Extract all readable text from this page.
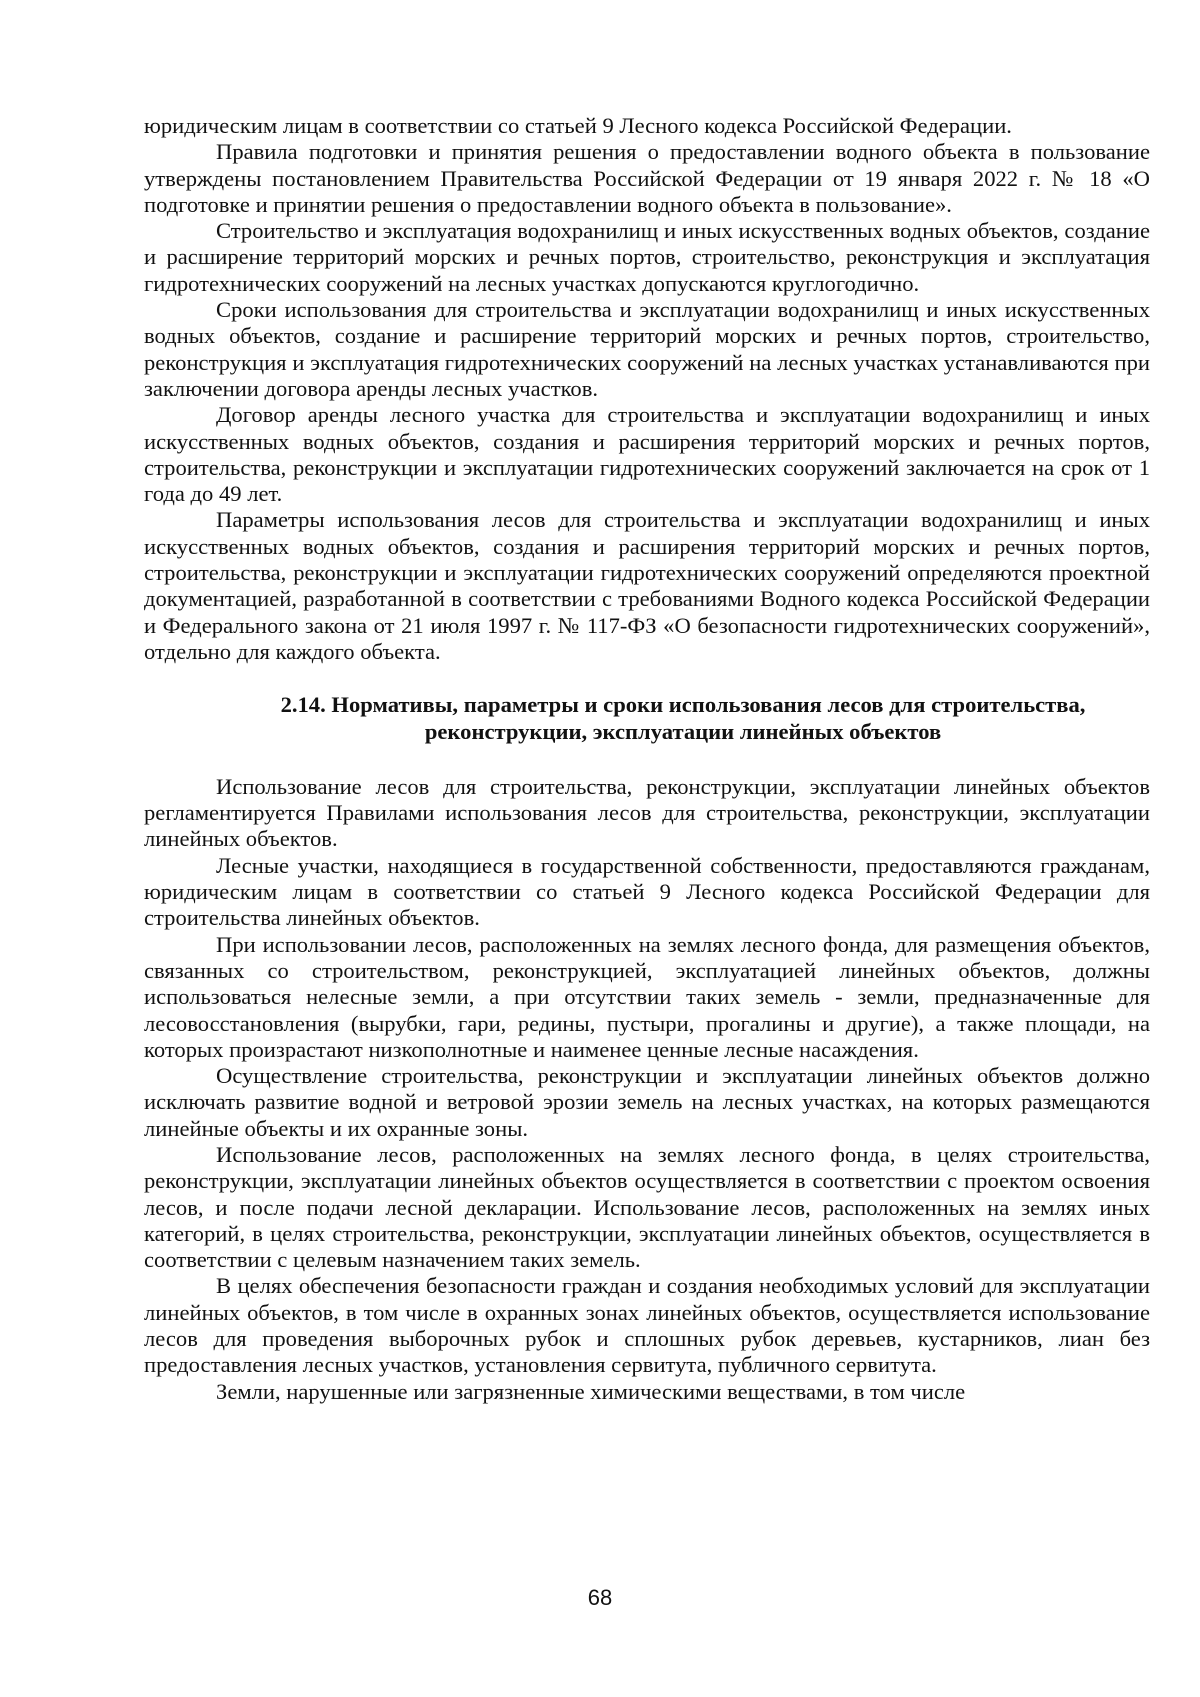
юридическим лицам в соответствии со статьей 9 Лесного кодекса Российской Федерации.

Правила подготовки и принятия решения о предоставлении водного объекта в пользование утверждены постановлением Правительства Российской Федерации от 19 января 2022 г. № 18 «О подготовке и принятии решения о предоставлении водного объекта в пользование».

Строительство и эксплуатация водохранилищ и иных искусственных водных объектов, создание и расширение территорий морских и речных портов, строительство, реконструкция и эксплуатация гидротехнических сооружений на лесных участках допускаются круглогодично.

Сроки использования для строительства и эксплуатации водохранилищ и иных искусственных водных объектов, создание и расширение территорий морских и речных портов, строительство, реконструкция и эксплуатация гидротехнических сооружений на лесных участках устанавливаются при заключении договора аренды лесных участков.

Договор аренды лесного участка для строительства и эксплуатации водохранилищ и иных искусственных водных объектов, создания и расширения территорий морских и речных портов, строительства, реконструкции и эксплуатации гидротехнических сооружений заключается на срок от 1 года до 49 лет.

Параметры использования лесов для строительства и эксплуатации водохранилищ и иных искусственных водных объектов, создания и расширения территорий морских и речных портов, строительства, реконструкции и эксплуатации гидротехнических сооружений определяются проектной документацией, разработанной в соответствии с требованиями Водного кодекса Российской Федерации и Федерального закона от 21 июля 1997 г. № 117-ФЗ «О безопасности гидротехнических сооружений», отдельно для каждого объекта.

2.14. Нормативы, параметры и сроки использования лесов для строительства,
реконструкции, эксплуатации линейных объектов

Использование лесов для строительства, реконструкции, эксплуатации линейных объектов регламентируется Правилами использования лесов для строительства, реконструкции, эксплуатации линейных объектов.

Лесные участки, находящиеся в государственной собственности, предоставляются гражданам, юридическим лицам в соответствии со статьей 9 Лесного кодекса Российской Федерации для строительства линейных объектов.

При использовании лесов, расположенных на землях лесного фонда, для размещения объектов, связанных со строительством, реконструкцией, эксплуатацией линейных объектов, должны использоваться нелесные земли, а при отсутствии таких земель - земли, предназначенные для лесовосстановления (вырубки, гари, редины, пустыри, прогалины и другие), а также площади, на которых произрастают низкополнотные и наименее ценные лесные насаждения.

Осуществление строительства, реконструкции и эксплуатации линейных объектов должно исключать развитие водной и ветровой эрозии земель на лесных участках, на которых размещаются линейные объекты и их охранные зоны.

Использование лесов, расположенных на землях лесного фонда, в целях строительства, реконструкции, эксплуатации линейных объектов осуществляется в соответствии с проектом освоения лесов, и после подачи лесной декларации. Использование лесов, расположенных на землях иных категорий, в целях строительства, реконструкции, эксплуатации линейных объектов, осуществляется в соответствии с целевым назначением таких земель.

В целях обеспечения безопасности граждан и создания необходимых условий для эксплуатации линейных объектов, в том числе в охранных зонах линейных объектов, осуществляется использование лесов для проведения выборочных рубок и сплошных рубок деревьев, кустарников, лиан без предоставления лесных участков, установления сервитута, публичного сервитута.

Земли, нарушенные или загрязненные химическими веществами, в том числе

68
